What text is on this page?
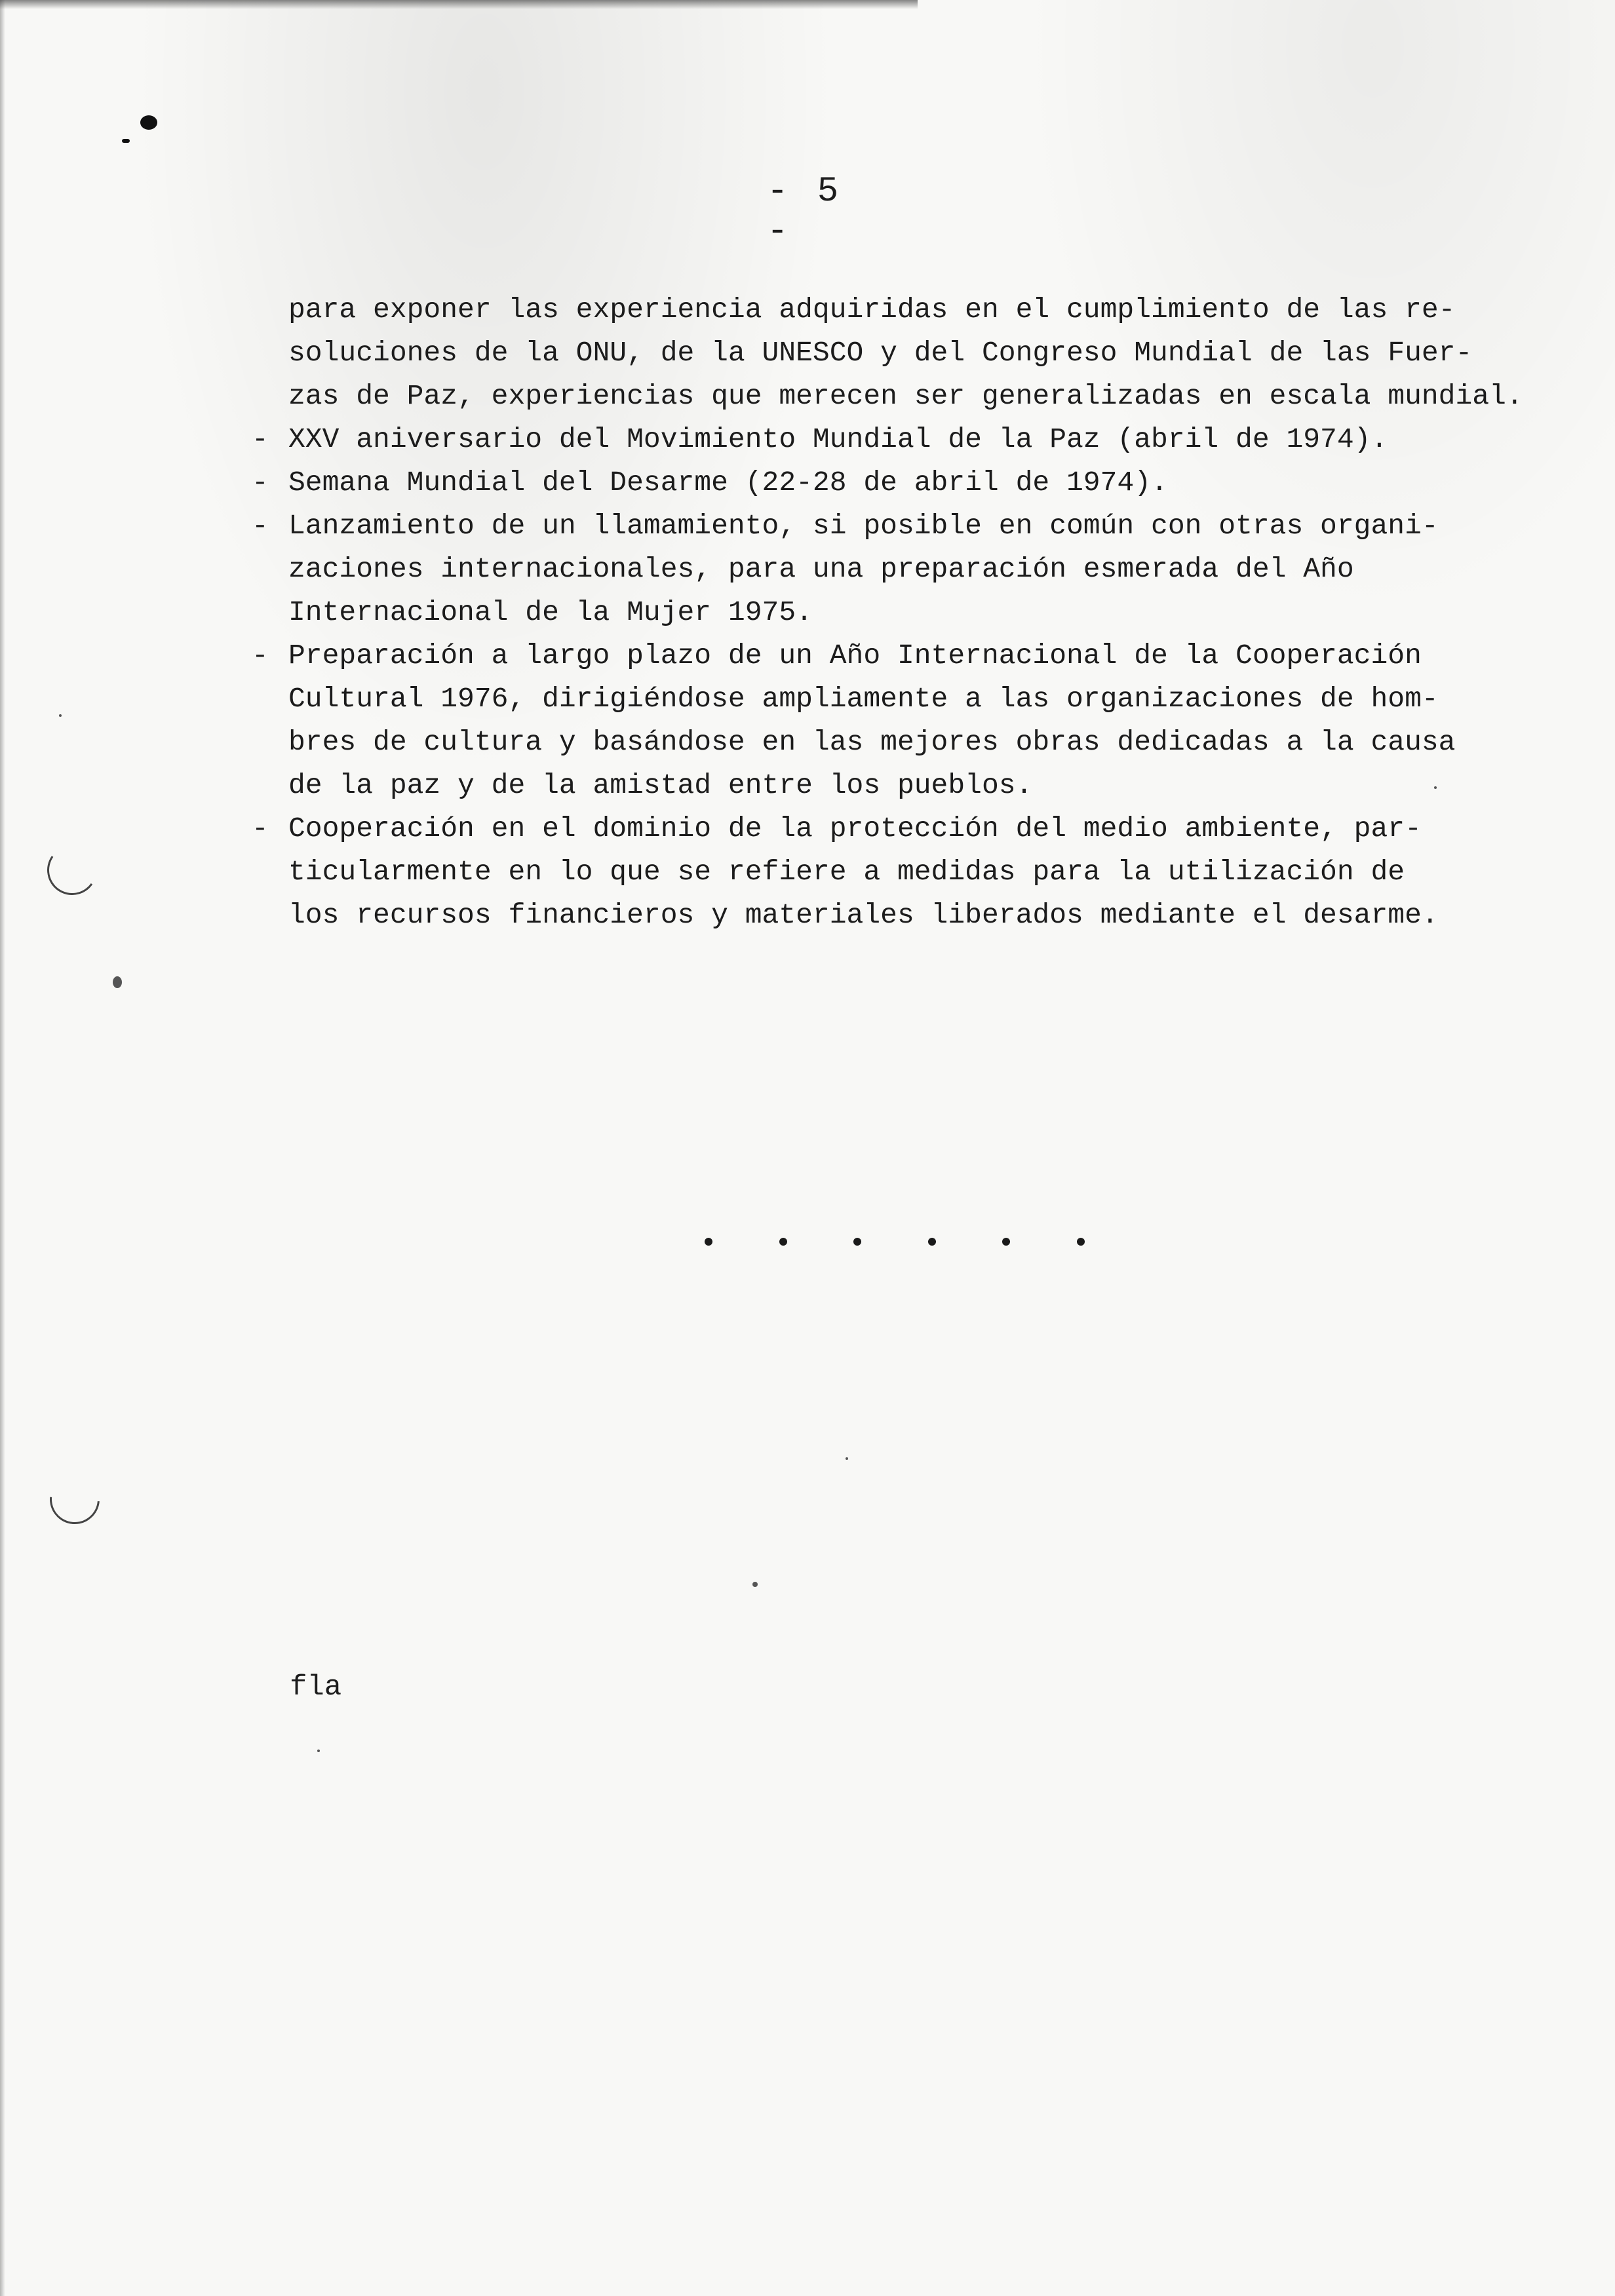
- 5 -
para exponer las experiencia adquiridas en el cumplimiento de las re-
soluciones de la ONU, de la UNESCO y del Congreso Mundial de las Fuer-
zas de Paz, experiencias que merecen ser generalizadas en escala mundial.
- XXV aniversario del Movimiento Mundial de la Paz (abril de 1974).
- Semana Mundial del Desarme (22-28 de abril de 1974).
- Lanzamiento de un llamamiento, si posible en común con otras organi-
zaciones internacionales, para una preparación esmerada del Año
Internacional de la Mujer 1975.
- Preparación a largo plazo de un Año Internacional de la Cooperación
Cultural 1976, dirigiéndose ampliamente a las organizaciones de hom-
bres de cultura y basándose en las mejores obras dedicadas a la causa
de la paz y de la amistad entre los pueblos.
- Cooperación en el dominio de la protección del medio ambiente, par-
ticularmente en lo que se refiere a medidas para la utilización de
los recursos financieros y materiales liberados mediante el desarme.
fla
